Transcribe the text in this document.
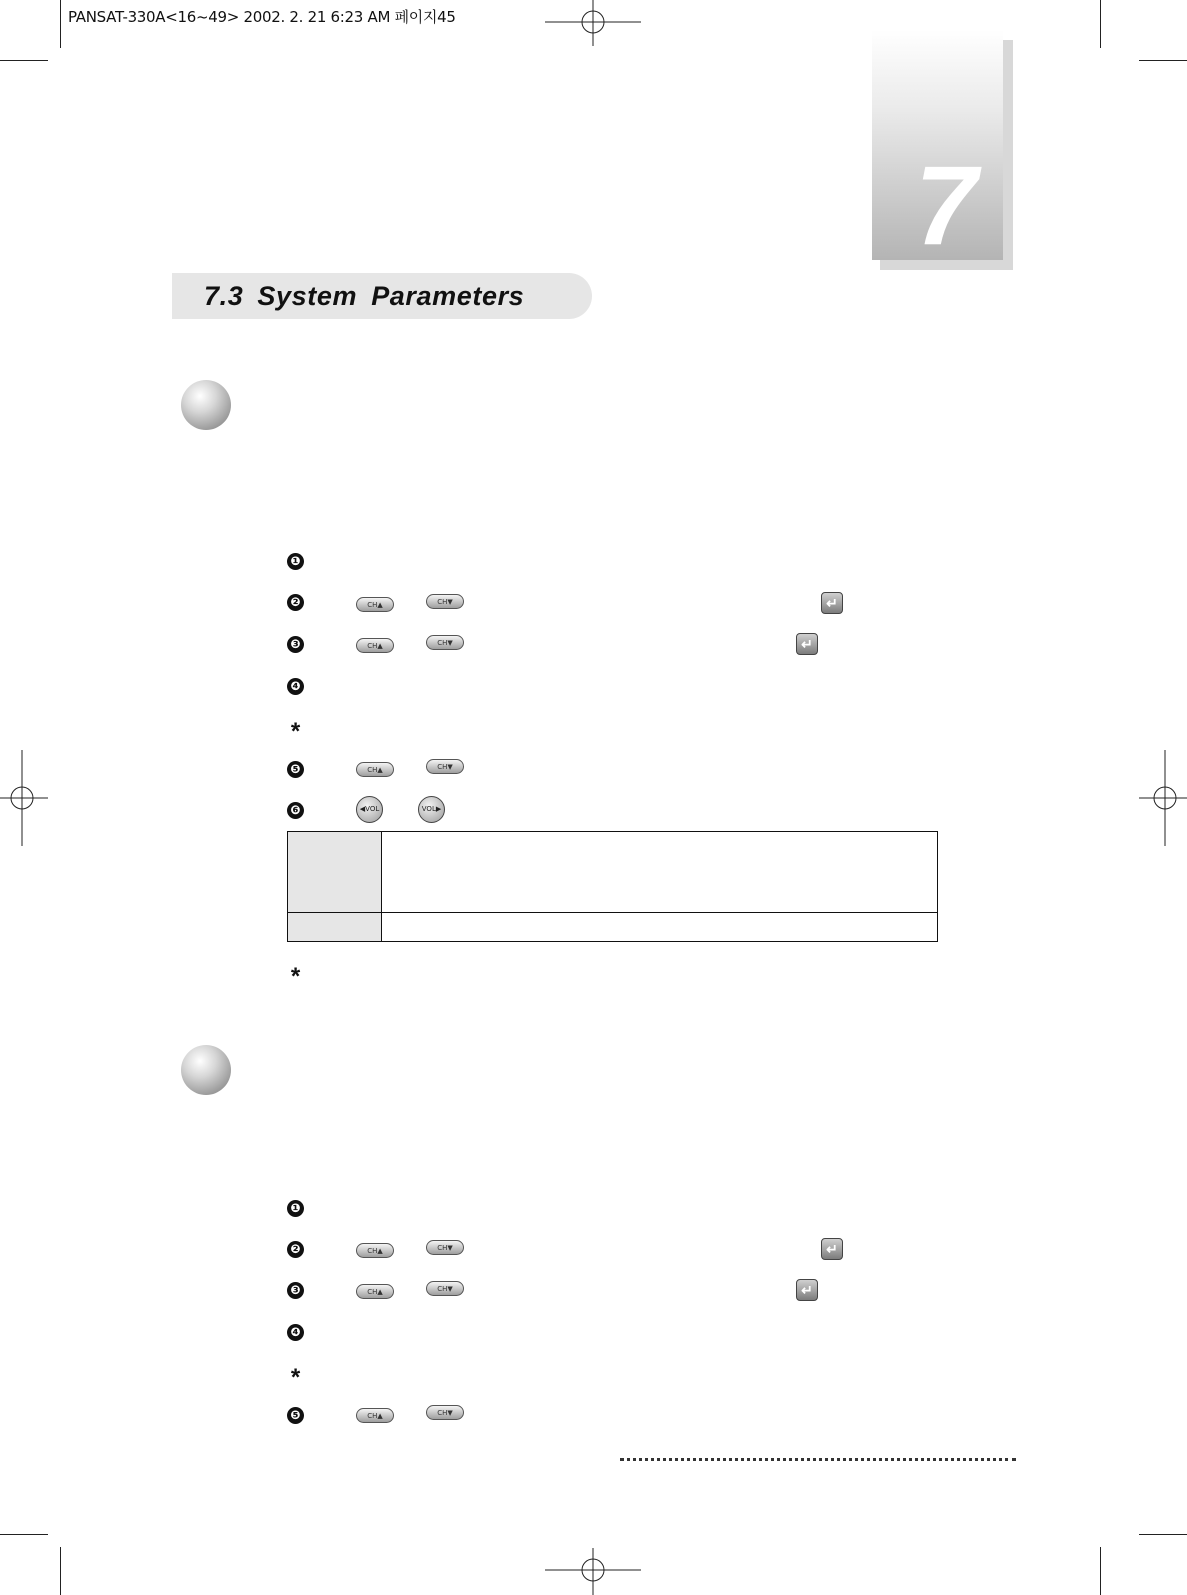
PANSAT-330A<16~49> 2002. 2. 21 6:23 AM 페이지45
7
7.3 System Parameters
❶
❷	CH▲	CH▼	↵
❸	CH▲	CH▼	↵
❹
*
❺	CH▲	CH▼
❻	◀VOL	VOL▶
*
❶
❷	CH▲	CH▼	↵
❸	CH▲	CH▼	↵
❹
*
❺	CH▲	CH▼
